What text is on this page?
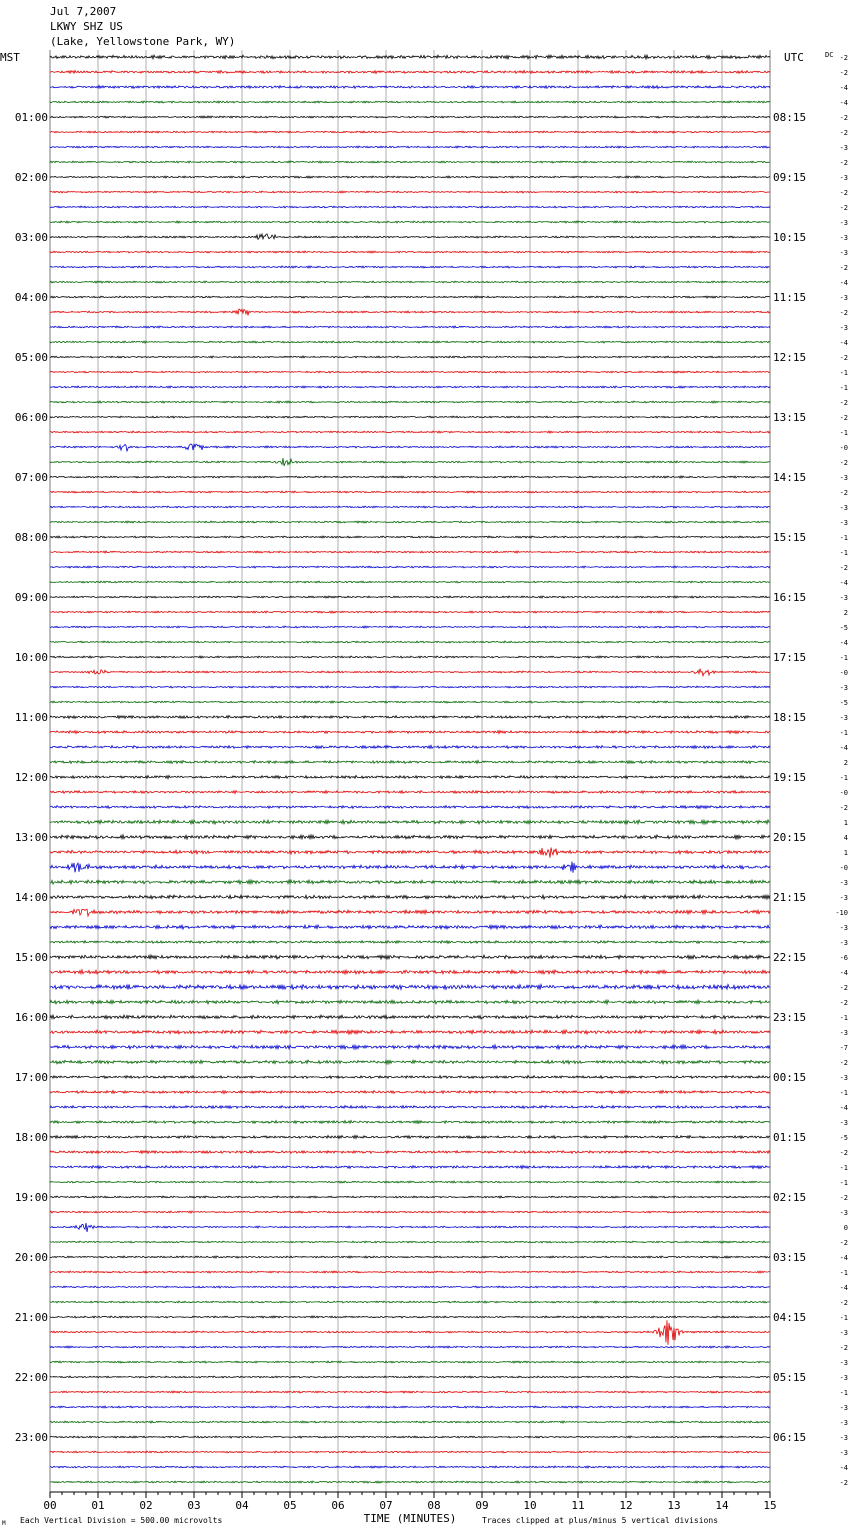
Jul 7,2007
LKWY SHZ US
(Lake, Yellowstone Park, WY)
MST	UTC	DC
TIME (MINUTES)
Each Vertical Division = 500.00 microvolts	Traces clipped at plus/minus 5 vertical divisions
M
00	01	02	03	04	05	06	07	08	09	10	11	12	13	14	15
-2
-2
-4
-4
-2
01:00	08:15
-2
-3
-2
-3
02:00	09:15
-2
-2
-3
-3
03:00	10:15
-3
-2
-4
-3
04:00	11:15
-2
-3
-4
-2
05:00	12:15
-1
-1
-2
-2
06:00	13:15
-1
-0
-2
-3
07:00	14:15
-2
-3
-3
-1
08:00	15:15
-1
-2
-4
-3
09:00	16:15
2
-5
-4
-1
10:00	17:15
-0
-3
-5
-3
11:00	18:15
-1
-4
2
-1
12:00	19:15
-0
-2
1
4
13:00	20:15
1
-0
-3
-3
14:00	21:15
-10
-3
-3
-6
15:00	22:15
-4
-2
-2
-1
16:00	23:15
-3
-7
-2
-3
17:00	00:15
-1
-4
-3
-5
18:00	01:15
-2
-1
-1
-2
19:00	02:15
-3
0
-2
-4
20:00	03:15
-1
-4
-2
-1
21:00	04:15
-3
-2
-3
-3
22:00	05:15
-1
-3
-3
-3
23:00	06:15
-3
-4
-2
